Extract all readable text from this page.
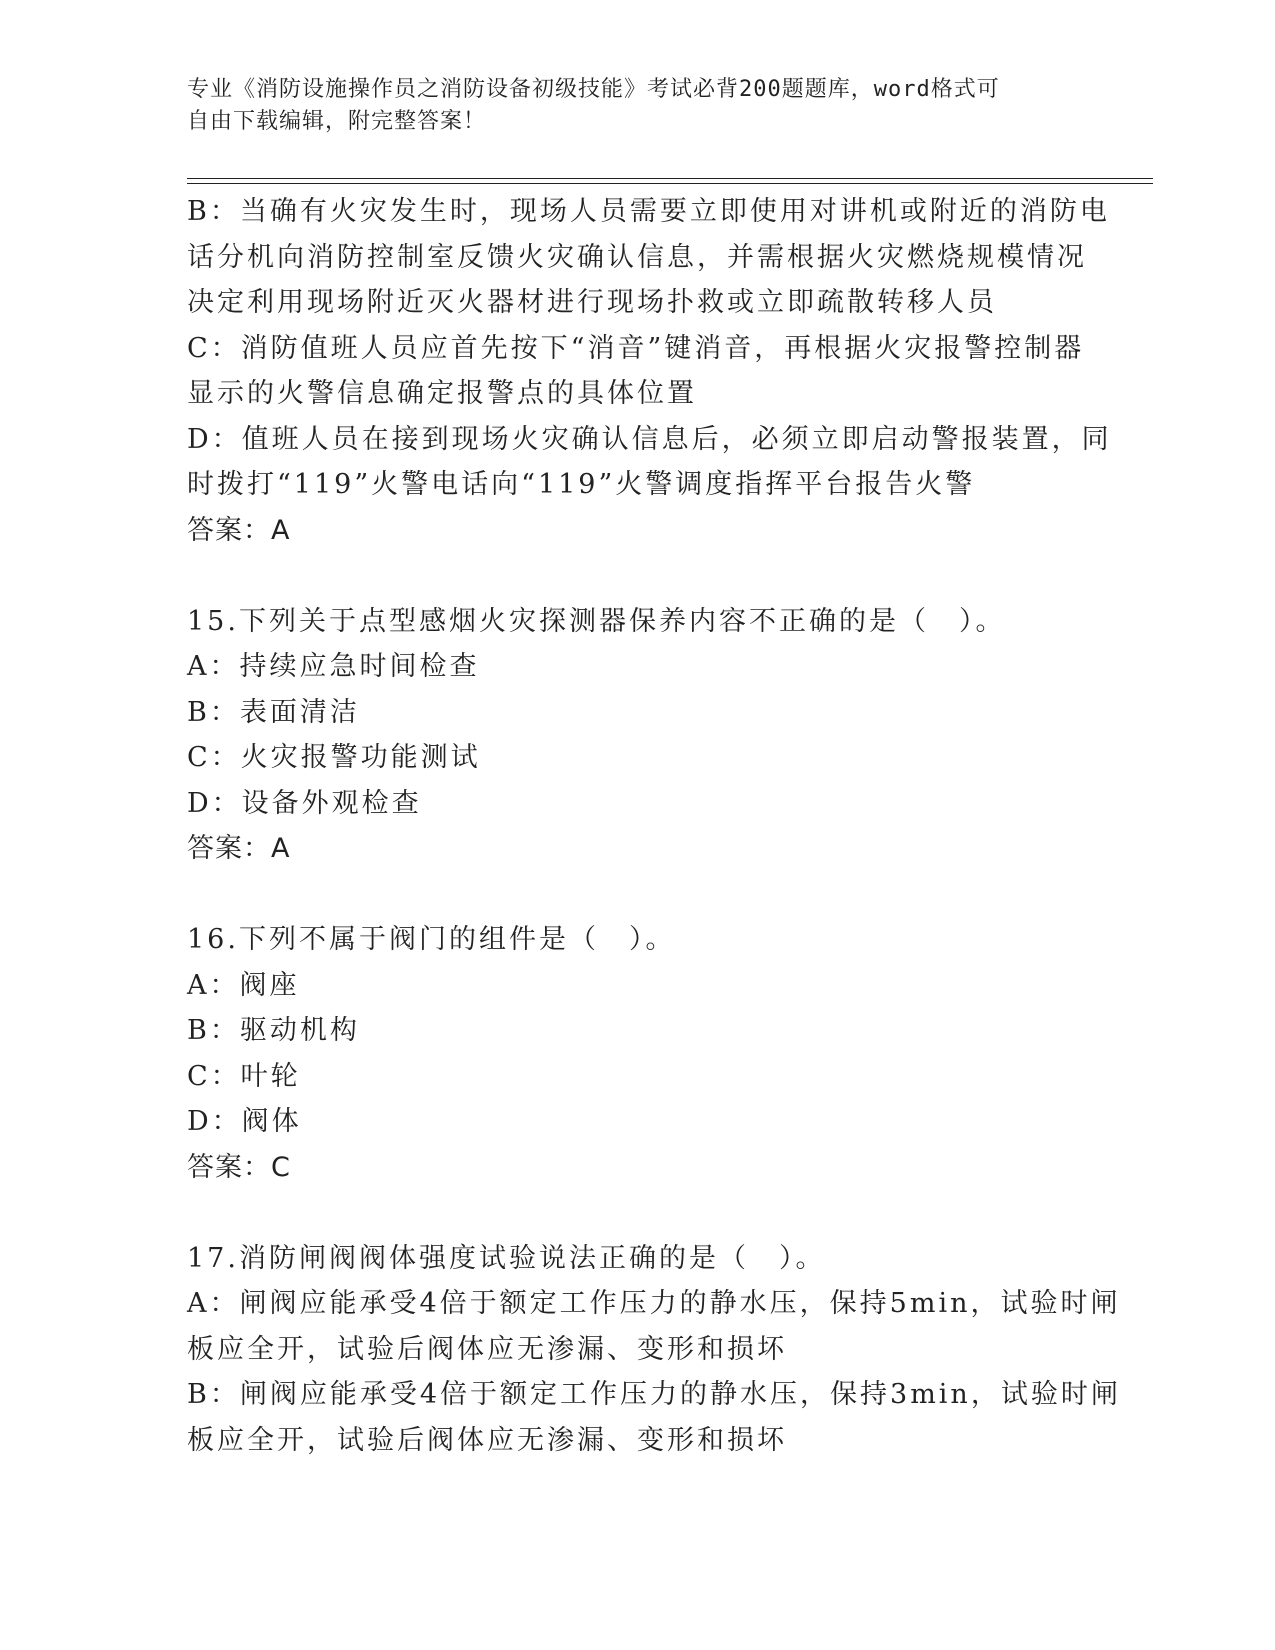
专业《消防设施操作员之消防设备初级技能》考试必背200题题库，word格式可
自由下载编辑，附完整答案！
B：当确有火灾发生时，现场人员需要立即使用对讲机或附近的消防电
话分机向消防控制室反馈火灾确认信息，并需根据火灾燃烧规模情况
决定利用现场附近灭火器材进行现场扑救或立即疏散转移人员
C：消防值班人员应首先按下“消音”键消音，再根据火灾报警控制器
显示的火警信息确定报警点的具体位置
D：值班人员在接到现场火灾确认信息后，必须立即启动警报装置，同
时拨打“119”火警电话向“119”火警调度指挥平台报告火警
答案：A
15.下列关于点型感烟火灾探测器保养内容不正确的是（　）。
A：持续应急时间检查
B：表面清洁
C：火灾报警功能测试
D：设备外观检查
答案：A
16.下列不属于阀门的组件是（　）。
A：阀座
B：驱动机构
C：叶轮
D：阀体
答案：C
17.消防闸阀阀体强度试验说法正确的是（　）。
A：闸阀应能承受4倍于额定工作压力的静水压，保持5min，试验时闸
板应全开，试验后阀体应无渗漏、变形和损坏
B：闸阀应能承受4倍于额定工作压力的静水压，保持3min，试验时闸
板应全开，试验后阀体应无渗漏、变形和损坏
